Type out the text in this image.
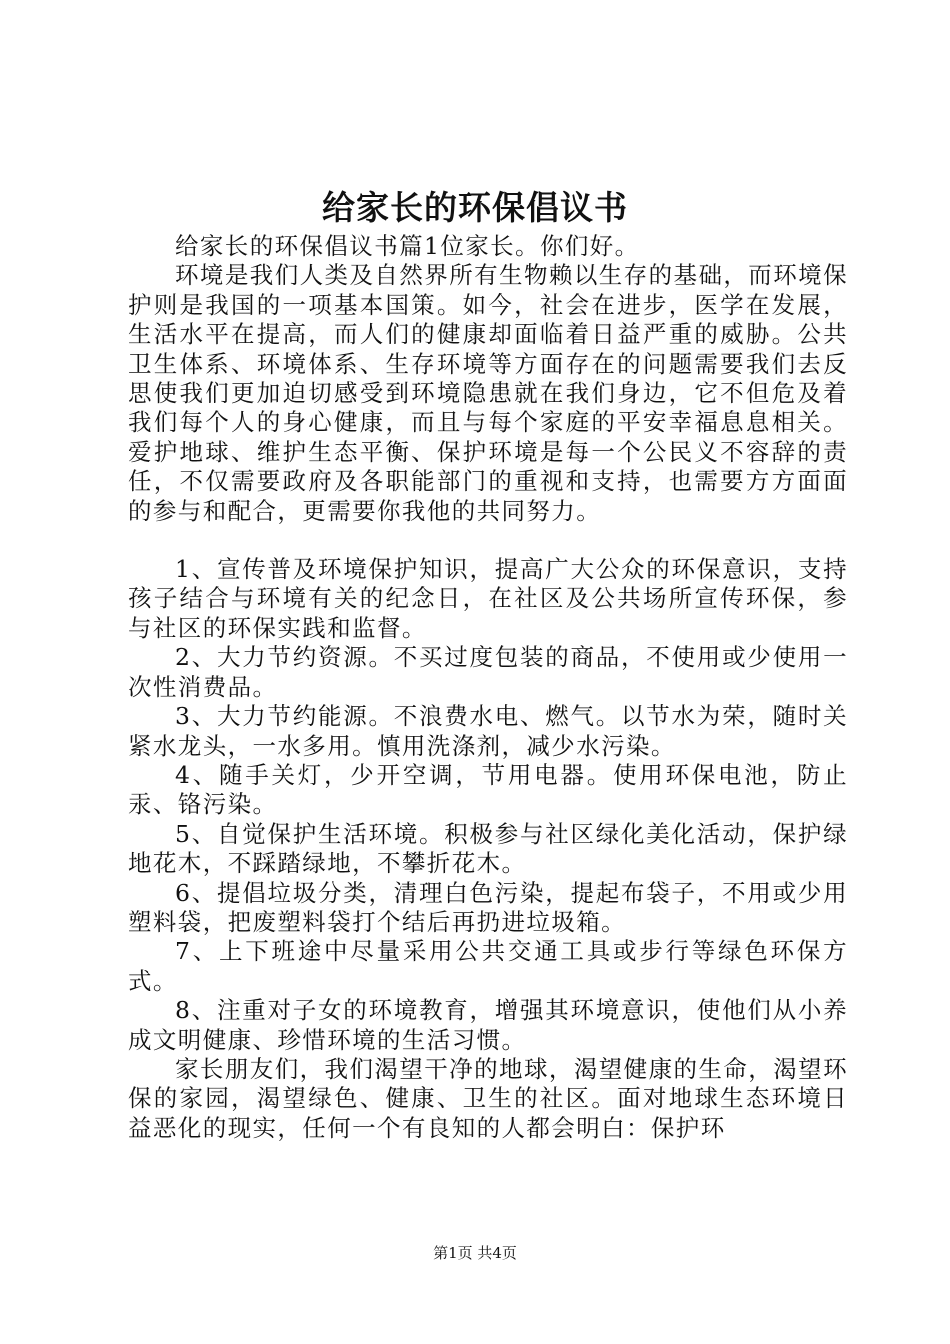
给家长的环保倡议书

给家长的环保倡议书篇1位家长。你们好。

环境是我们人类及自然界所有生物赖以生存的基础，而环境保护则是我国的一项基本国策。如今，社会在进步，医学在发展，生活水平在提高，而人们的健康却面临着日益严重的威胁。公共卫生体系、环境体系、生存环境等方面存在的问题需要我们去反思使我们更加迫切感受到环境隐患就在我们身边，它不但危及着我们每个人的身心健康，而且与每个家庭的平安幸福息息相关。爱护地球、维护生态平衡、保护环境是每一个公民义不容辞的责任，不仅需要政府及各职能部门的重视和支持，也需要方方面面的参与和配合，更需要你我他的共同努力。

1、宣传普及环境保护知识，提高广大公众的环保意识，支持孩子结合与环境有关的纪念日，在社区及公共场所宣传环保，参与社区的环保实践和监督。

2、大力节约资源。不买过度包装的商品，不使用或少使用一次性消费品。

3、大力节约能源。不浪费水电、燃气。以节水为荣，随时关紧水龙头，一水多用。慎用洗涤剂，减少水污染。

4、随手关灯，少开空调，节用电器。使用环保电池，防止汞、铬污染。

5、自觉保护生活环境。积极参与社区绿化美化活动，保护绿地花木，不踩踏绿地，不攀折花木。

6、提倡垃圾分类，清理白色污染，提起布袋子，不用或少用塑料袋，把废塑料袋打个结后再扔进垃圾箱。

7、上下班途中尽量采用公共交通工具或步行等绿色环保方式。

8、注重对子女的环境教育，增强其环境意识，使他们从小养成文明健康、珍惜环境的生活习惯。

家长朋友们，我们渴望干净的地球，渴望健康的生命，渴望环保的家园，渴望绿色、健康、卫生的社区。面对地球生态环境日益恶化的现实，任何一个有良知的人都会明白：保护环

第1页 共4页
